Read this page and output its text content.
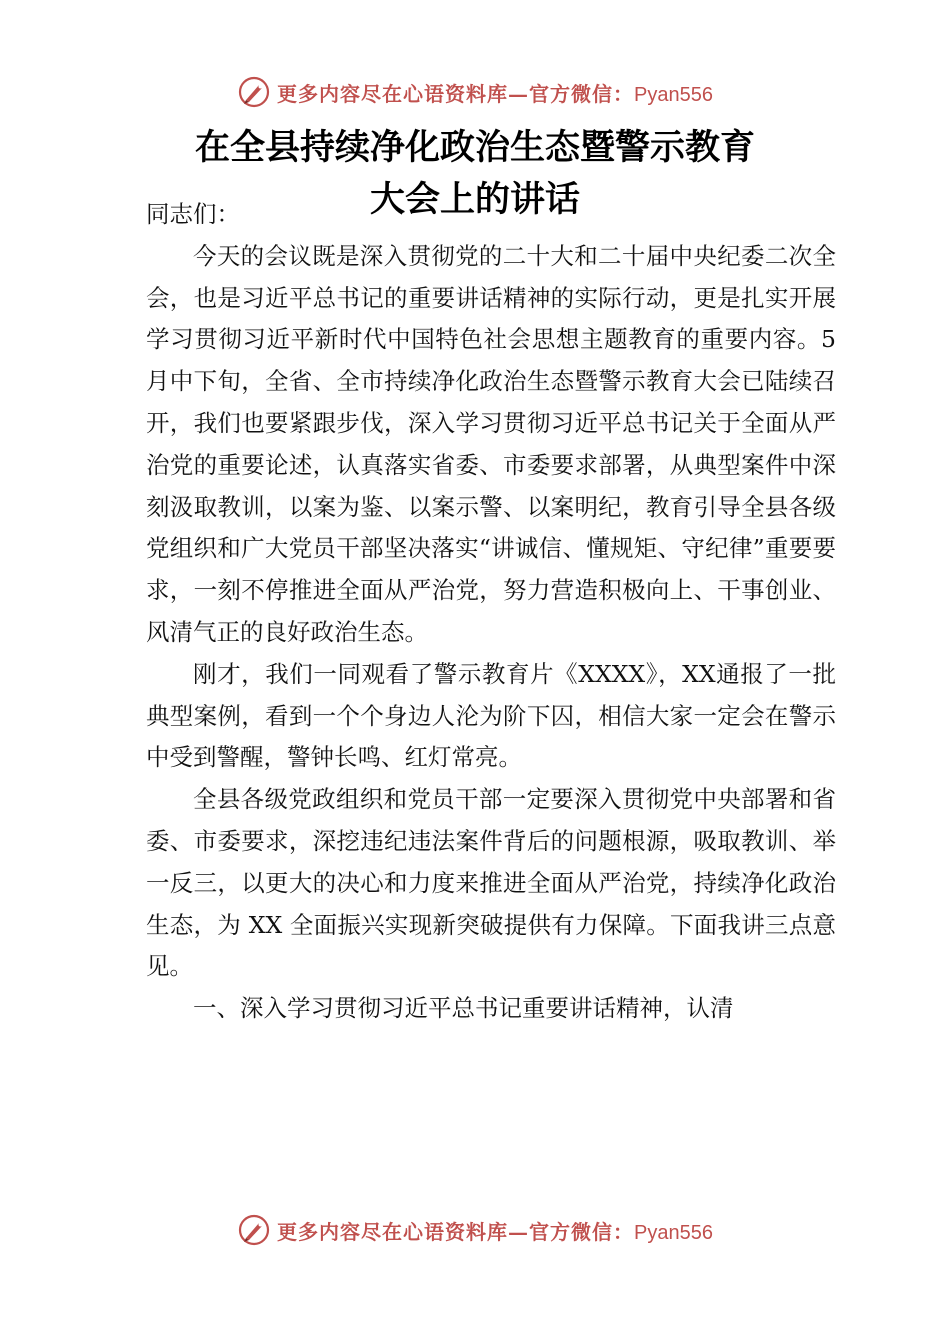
更多内容尽在心语资料库—官方微信：Pyan556
在全县持续净化政治生态暨警示教育
大会上的讲话

同志们：

今天的会议既是深入贯彻党的二十大和二十届中央纪委二次全会，也是习近平总书记的重要讲话精神的实际行动，更是扎实开展学习贯彻习近平新时代中国特色社会思想主题教育的重要内容。5月中下旬，全省、全市持续净化政治生态暨警示教育大会已陆续召开，我们也要紧跟步伐，深入学习贯彻习近平总书记关于全面从严治党的重要论述，认真落实省委、市委要求部署，从典型案件中深刻汲取教训，以案为鉴、以案示警、以案明纪，教育引导全县各级党组织和广大党员干部坚决落实“讲诚信、懂规矩、守纪律”重要要求，一刻不停推进全面从严治党，努力营造积极向上、干事创业、风清气正的良好政治生态。

刚才，我们一同观看了警示教育片《XXXX》，XX通报了一批典型案例，看到一个个身边人沦为阶下囚，相信大家一定会在警示中受到警醒，警钟长鸣、红灯常亮。

全县各级党政组织和党员干部一定要深入贯彻党中央部署和省委、市委要求，深挖违纪违法案件背后的问题根源，吸取教训、举一反三，以更大的决心和力度来推进全面从严治党，持续净化政治生态，为 XX 全面振兴实现新突破提供有力保障。下面我讲三点意见。

一、深入学习贯彻习近平总书记重要讲话精神，认清

更多内容尽在心语资料库—官方微信：Pyan556
